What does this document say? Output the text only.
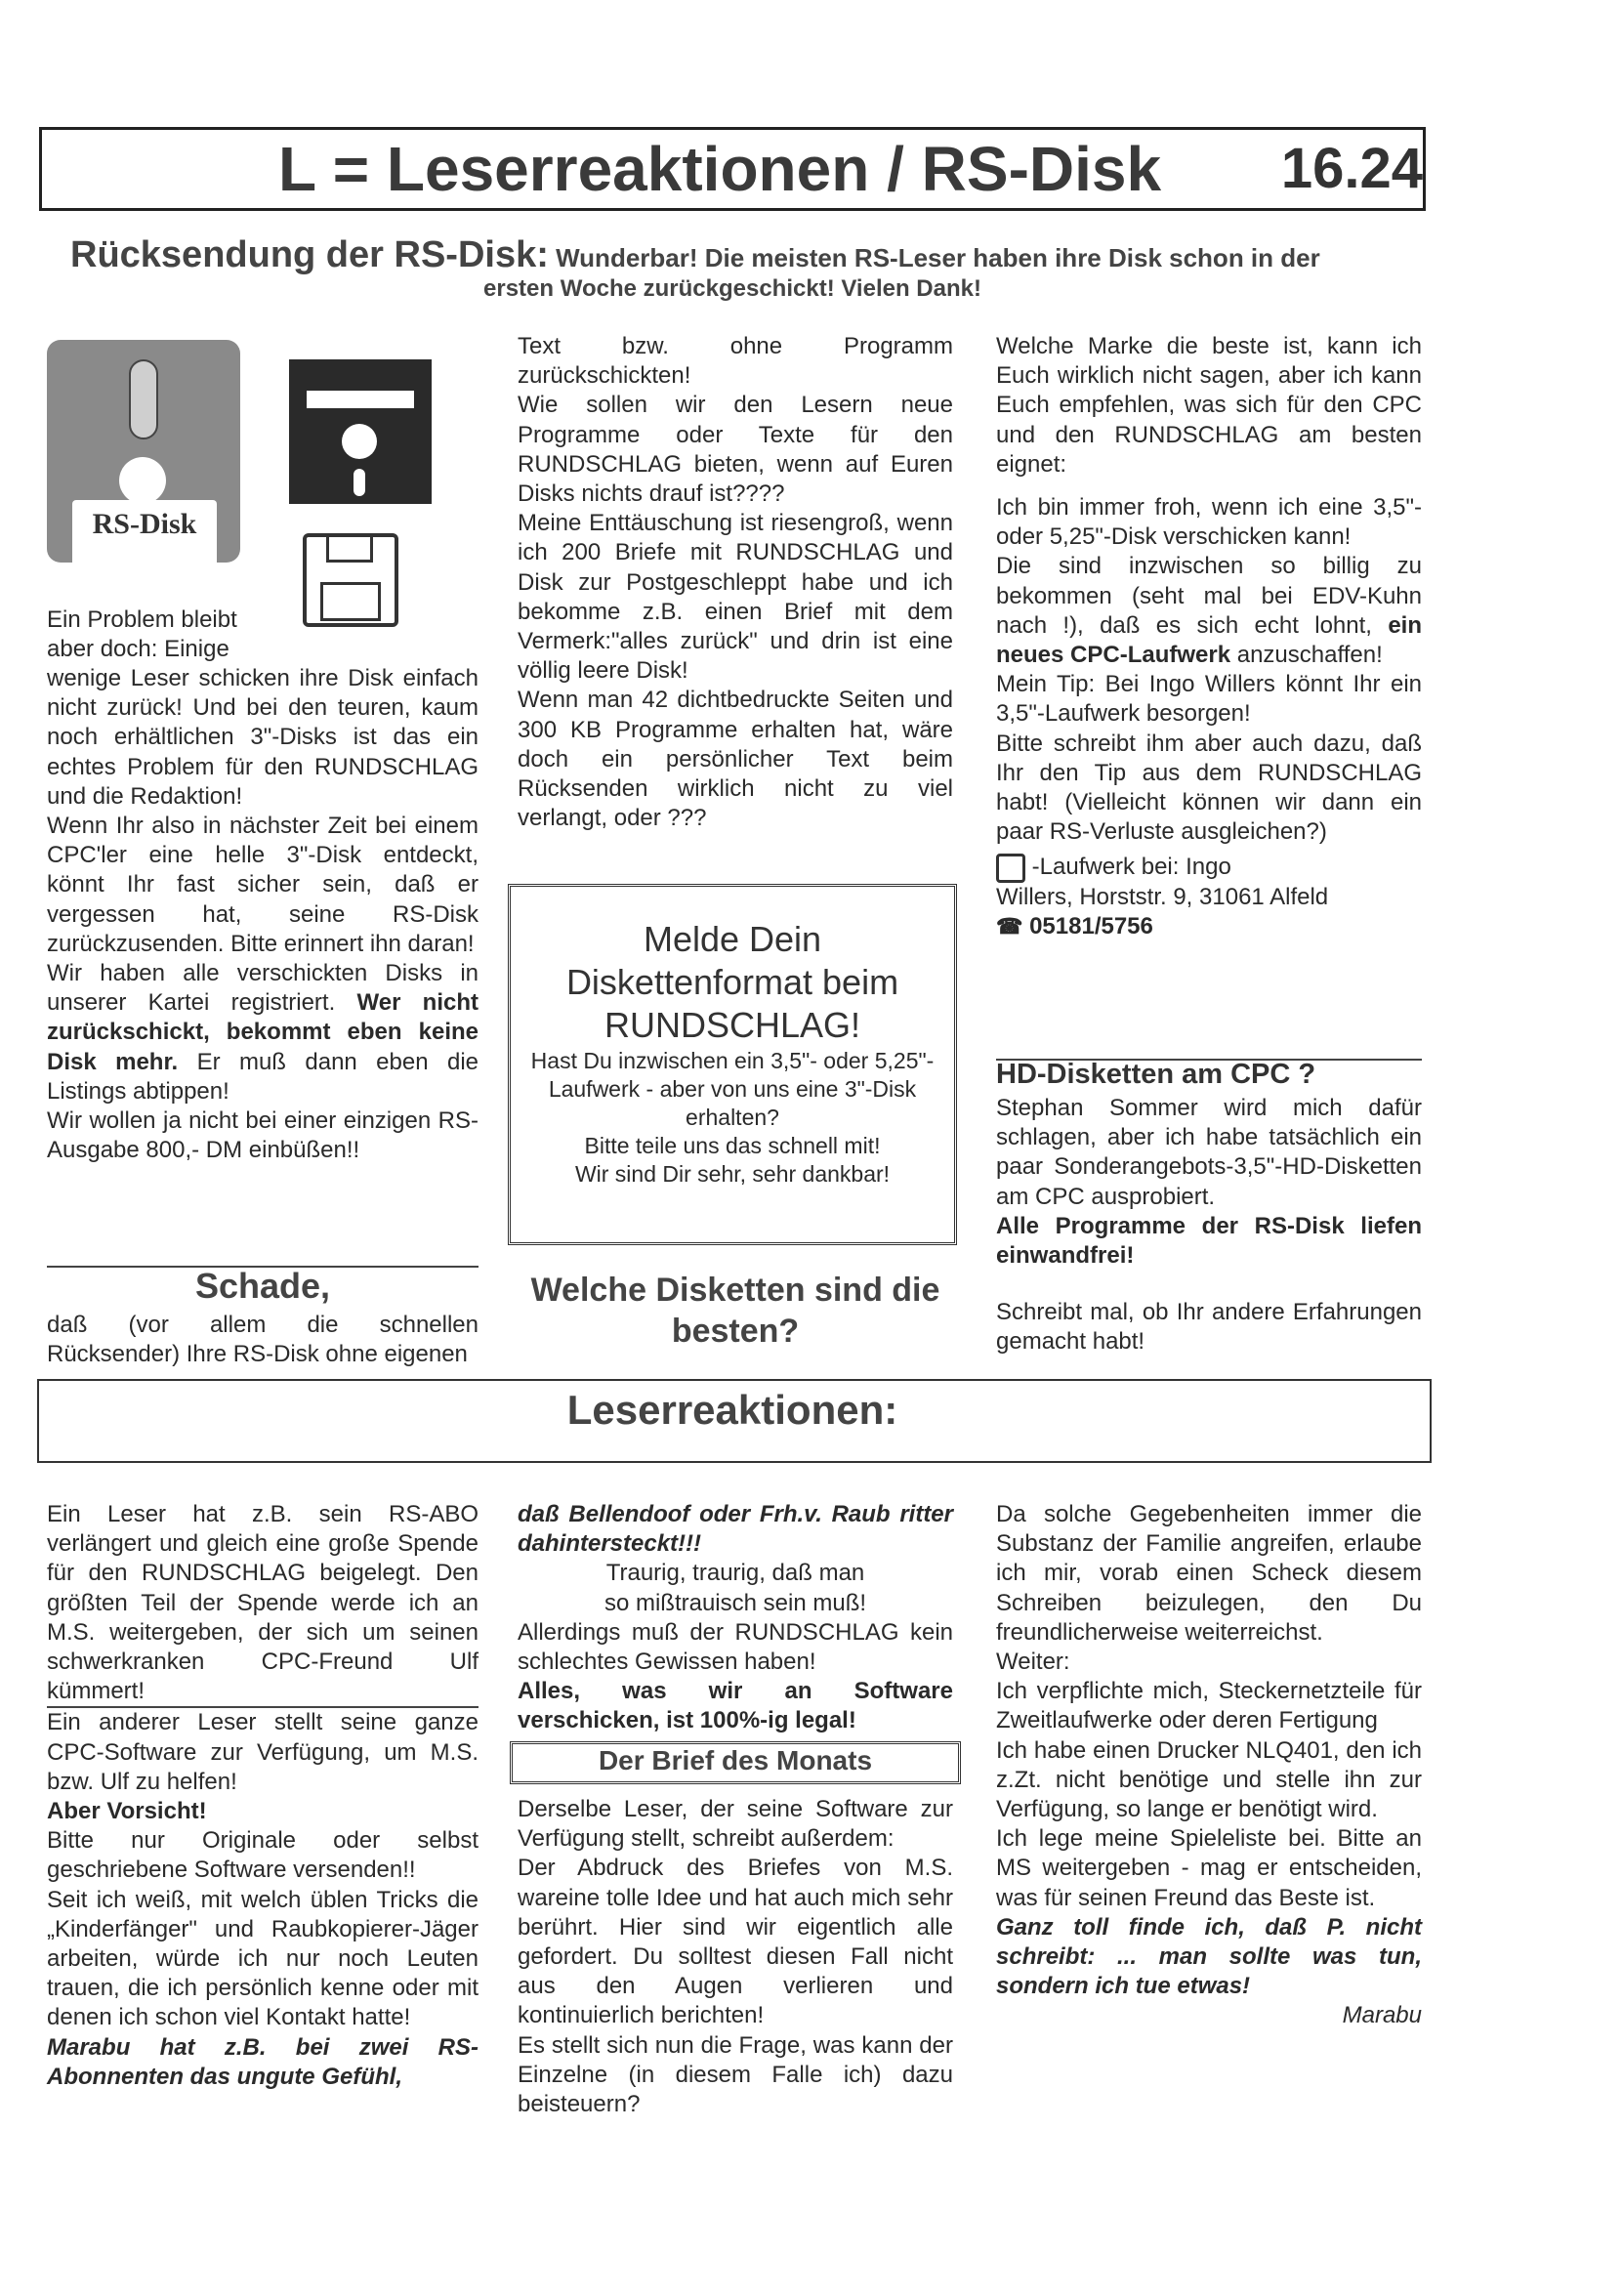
L = Leserreaktionen / RS-Disk 16.24
Rücksendung der RS-Disk: Wunderbar! Die meisten RS-Leser haben ihre Disk schon in der
ersten Woche zurückgeschickt! Vielen Dank!
RS-Disk

Ein Problem bleibt

aber doch: Einige

wenige Leser schicken ihre Disk einfach nicht zurück! Und bei den teuren, kaum noch erhältlichen 3"-Disks ist das ein echtes Problem für den RUNDSCHLAG und die Redaktion!

Wenn Ihr also in nächster Zeit bei einem CPC'ler eine helle 3"-Disk entdeckt, könnt Ihr fast sicher sein, daß er vergessen hat, seine RS-Disk zurückzusenden. Bitte erinnert ihn daran!

Wir haben alle verschickten Disks in unserer Kartei registriert. Wer nicht zurückschickt, bekommt eben keine Disk mehr. Er muß dann eben die Listings abtippen!

Wir wollen ja nicht bei einer einzigen RS-Ausgabe 800,- DM einbüßen!!

Schade,
daß (vor allem die schnellen Rücksender) Ihre RS-Disk ohne eigenen

Text bzw. ohne Programm zurückschickten!

Wie sollen wir den Lesern neue Programme oder Texte für den RUNDSCHLAG bieten, wenn auf Euren Disks nichts drauf ist????

Meine Enttäuschung ist riesengroß, wenn ich 200 Briefe mit RUNDSCHLAG und Disk zur Postgeschleppt habe und ich bekomme z.B. einen Brief mit dem Vermerk:"alles zurück" und drin ist eine völlig leere Disk!

Wenn man 42 dichtbedruckte Seiten und 300 KB Programme erhalten hat, wäre doch ein persönlicher Text beim Rücksenden wirklich nicht zu viel verlangt, oder ???

Melde Dein
Diskettenformat beim
RUNDSCHLAG!
Hast Du inzwischen ein 3,5"- oder 5,25"-Laufwerk - aber von uns eine 3"-Disk erhalten?
Bitte teile uns das schnell mit!
Wir sind Dir sehr, sehr dankbar!
Welche Disketten sind die besten?

Welche Marke die beste ist, kann ich Euch wirklich nicht sagen, aber ich kann Euch empfehlen, was sich für den CPC und den RUNDSCHLAG am besten eignet:

Ich bin immer froh, wenn ich eine 3,5"- oder 5,25"-Disk verschicken kann!

Die sind inzwischen so billig zu bekommen (seht mal bei EDV-Kuhn nach !), daß es sich echt lohnt, ein neues CPC-Laufwerk anzuschaffen!

Mein Tip: Bei Ingo Willers könnt Ihr ein 3,5"-Laufwerk besorgen!

Bitte schreibt ihm aber auch dazu, daß Ihr den Tip aus dem RUNDSCHLAG habt! (Vielleicht können wir dann ein paar RS-Verluste ausgleichen?)

-Laufwerk bei: Ingo

Willers, Horststr. 9, 31061 Alfeld

☎ 05181/5756

HD-Disketten am CPC ?

Stephan Sommer wird mich dafür schlagen, aber ich habe tatsächlich ein paar Sonderangebots-3,5"-HD-Disketten am CPC ausprobiert.

Alle Programme der RS-Disk liefen einwandfrei!

Schreibt mal, ob Ihr andere Erfahrungen gemacht habt!

Leserreaktionen:

Ein Leser hat z.B. sein RS-ABO verlängert und gleich eine große Spende für den RUNDSCHLAG beigelegt. Den größten Teil der Spende werde ich an M.S. weitergeben, der sich um seinen schwerkranken CPC-Freund Ulf kümmert!

Ein anderer Leser stellt seine ganze CPC-Software zur Verfügung, um M.S. bzw. Ulf zu helfen!

Aber Vorsicht!

Bitte nur Originale oder selbst geschriebene Software versenden!!

Seit ich weiß, mit welch üblen Tricks die „Kinderfänger" und Raubkopierer-Jäger arbeiten, würde ich nur noch Leuten trauen, die ich persönlich kenne oder mit denen ich schon viel Kontakt hatte!

Marabu hat z.B. bei zwei RS-Abonnenten das ungute Gefühl,

daß Bellendoof oder Frh.v. Raub ritter dahintersteckt!!!

Traurig, traurig, daß man

so mißtrauisch sein muß!

Allerdings muß der RUNDSCHLAG kein schlechtes Gewissen haben!

Alles, was wir an Software verschicken, ist 100%-ig legal!

Der Brief des Monats

Derselbe Leser, der seine Software zur Verfügung stellt, schreibt außerdem:

Der Abdruck des Briefes von M.S. wareine tolle Idee und hat auch mich sehr berührt. Hier sind wir eigentlich alle gefordert. Du solltest diesen Fall nicht aus den Augen verlieren und kontinuierlich berichten!

Es stellt sich nun die Frage, was kann der Einzelne (in diesem Falle ich) dazu beisteuern?

Da solche Gegebenheiten immer die Substanz der Familie angreifen, erlaube ich mir, vorab einen Scheck diesem Schreiben beizulegen, den Du freundlicherweise weiterreichst.

Weiter:

Ich verpflichte mich, Steckernetzteile für Zweitlaufwerke oder deren Fertigung

Ich habe einen Drucker NLQ401, den ich z.Zt. nicht benötige und stelle ihn zur Verfügung, so lange er benötigt wird.

Ich lege meine Spieleliste bei. Bitte an MS weitergeben - mag er entscheiden, was für seinen Freund das Beste ist.

Ganz toll finde ich, daß P. nicht schreibt: ... man sollte was tun, sondern ich tue etwas!

Marabu
